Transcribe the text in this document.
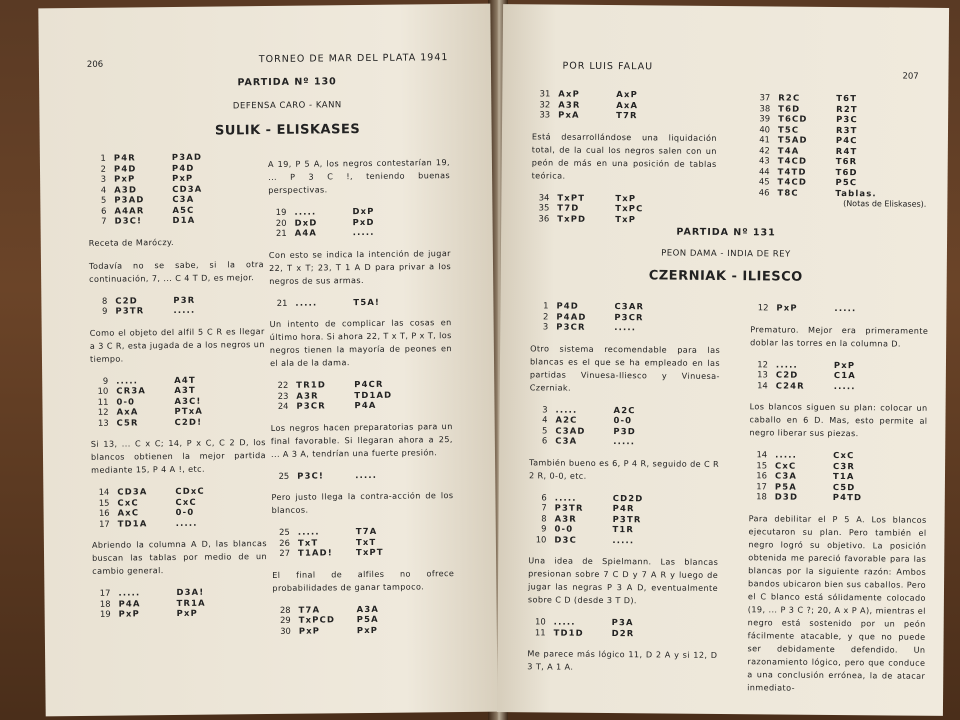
206	TORNEO DE MAR DEL PLATA 1941
PARTIDA Nº 130
DEFENSA CARO - KANN
SULIK - ELISKASES
1 P4R	P3AD
2 P4D	P4D
3 PxP	PxP
4 A3D	CD3A
5 P3AD	C3A
6 A4AR	A5C
7 D3C!	D1A
Receta de Maróczy.
Todavía no se sabe, si la otra continuación, 7, ... C 4 T D, es mejor.
8 C2D	P3R
9 P3TR	.....
Como el objeto del alfil 5 C R es llegar a 3 C R, esta jugada de a los negros un tiempo.
9 .....	A4T
10 CR3A	A3T
11 0-0	A3C!
12 AxA	PTxA
13 C5R	C2D!
Si 13, ... C x C; 14, P x C, C 2 D, los blancos obtienen la mejor partida mediante 15, P 4 A !, etc.
14 CD3A	CDxC
15 CxC	CxC
16 AxC	0-0
17 TD1A	.....
Abriendo la columna A D, las blancas buscan las tablas por medio de un cambio general.
17 .....	D3A!
18 P4A	TR1A
19 PxP	PxP
A 19, P 5 A, los negros contestarían 19, ... P 3 C !, teniendo buenas perspectivas.
19 .....	DxP
20 DxD	PxD
21 A4A	.....
Con esto se indica la intención de jugar 22, T x T; 23, T 1 A D para privar a los negros de sus armas.
21 .....	T5A!
Un intento de complicar las cosas en último hora. Si ahora 22, T x T, P x T, los negros tienen la mayoría de peones en el ala de la dama.
22 TR1D	P4CR
23 A3R	TD1AD
24 P3CR	P4A
Los negros hacen preparatorias para un final favorable. Si llegaran ahora a 25, ... A 3 A, tendrían una fuerte presión.
25 P3C!	.....
Pero justo llega la contra-acción de los blancos.
25 .....	T7A
26 TxT	TxT
27 T1AD!	TxPT
El final de alfiles no ofrece probabilidades de ganar tampoco.
28 T7A	A3A
29 TxPCD	P5A
30 PxP	PxP
POR LUIS FALAU
207
31 AxP	AxP
32 A3R	AxA
33 PxA	T7R
Está desarrollándose una liquidación total, de la cual los negros salen con un peón de más en una posición de tablas teórica.
34 TxPT	TxP
35 T7D	TxPC
36 TxPD	TxP
37 R2C	T6T
38 T6D	R2T
39 T6CD	P3C
40 T5C	R3T
41 T5AD	P4C
42 T4A	R4T
43 T4CD	T6R
44 T4TD	T6D
45 T4CD	P5C
46 T8C	Tablas.
(Notas de Eliskases).
PARTIDA Nº 131
PEON DAMA - INDIA DE REY
CZERNIAK - ILIESCO
1 P4D	C3AR
2 P4AD	P3CR
3 P3CR	.....
Otro sistema recomendable para las blancas es el que se ha empleado en las partidas Vinuesa-Iliesco y Vinuesa-Czerniak.
3 .....	A2C
4 A2C	0-0
5 C3AD	P3D
6 C3A	.....
También bueno es 6, P 4 R, seguido de C R 2 R, 0-0, etc.
6 .....	CD2D
7 P3TR	P4R
8 A3R	P3TR
9 0-0	T1R
10 D3C	.....
Una idea de Spielmann. Las blancas presionan sobre 7 C D y 7 A R y luego de jugar las negras P 3 A D, eventualmente sobre C D (desde 3 T D).
10 .....	P3A
11 TD1D	D2R
Me parece más lógico 11, D 2 A y si 12, D 3 T, A 1 A.
12 PxP	.....
Prematuro. Mejor era primeramente doblar las torres en la columna D.
12 .....	PxP
13 C2D	C1A
14 C24R	.....
Los blancos siguen su plan: colocar un caballo en 6 D. Mas, esto permite al negro liberar sus piezas.
14 .....	CxC
15 CxC	C3R
16 C3A	T1A
17 P5A	C5D
18 D3D	P4TD
Para debilitar el P 5 A. Los blancos ejecutaron su plan. Pero también el negro logró su objetivo. La posición obtenida me pareció favorable para las blancas por la siguiente razón: Ambos bandos ubicaron bien sus caballos. Pero el C blanco está sólidamente colocado (19, ... P 3 C ?; 20, A x P A), mientras el negro está sostenido por un peón fácilmente atacable, y que no puede ser debidamente defendido. Un razonamiento lógico, pero que conduce a una conclusión errónea, la de atacar inmediato-
